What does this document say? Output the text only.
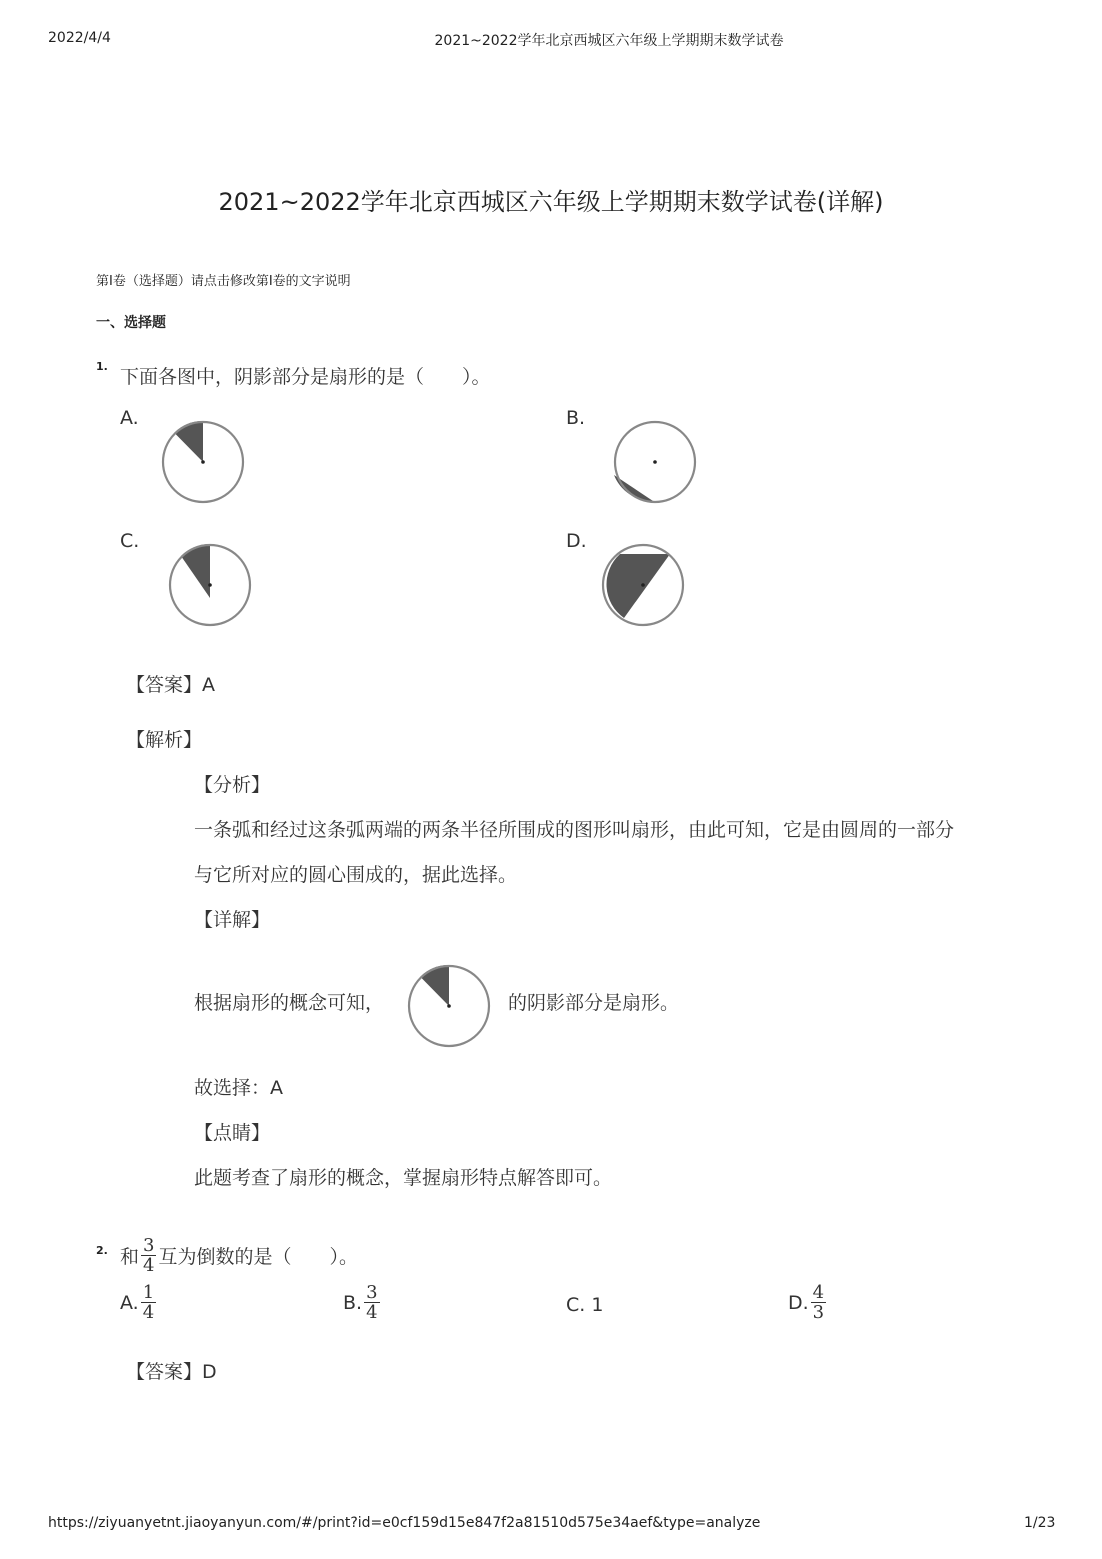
2022/4/4	2021~2022学年北京西城区六年级上学期期末数学试卷
2021~2022学年北京西城区六年级上学期期末数学试卷(详解)
第Ⅰ卷（选择题）请点击修改第Ⅰ卷的文字说明
一、选择题
1. 下面各图中，阴影部分是扇形的是（　　）。
A.	B.
C.	D.
【答案】A
【解析】
【分析】
一条弧和经过这条弧两端的两条半径所围成的图形叫扇形，由此可知，它是由圆周的一部分
与它所对应的圆心围成的，据此选择。
【详解】
根据扇形的概念可知，	的阴影部分是扇形。
故选择：A
【点睛】
此题考查了扇形的概念，掌握扇形特点解答即可。
2. 和 $\frac{3}{4}$ 互为倒数的是（　　）。
A. $\frac{1}{4}$	B. $\frac{3}{4}$	C. 1	D. $\frac{4}{3}$
【答案】D
https://ziyuanyetnt.jiaoyanyun.com/#/print?id=e0cf159d15e847f2a81510d575e34aef&type=analyze	1/23
